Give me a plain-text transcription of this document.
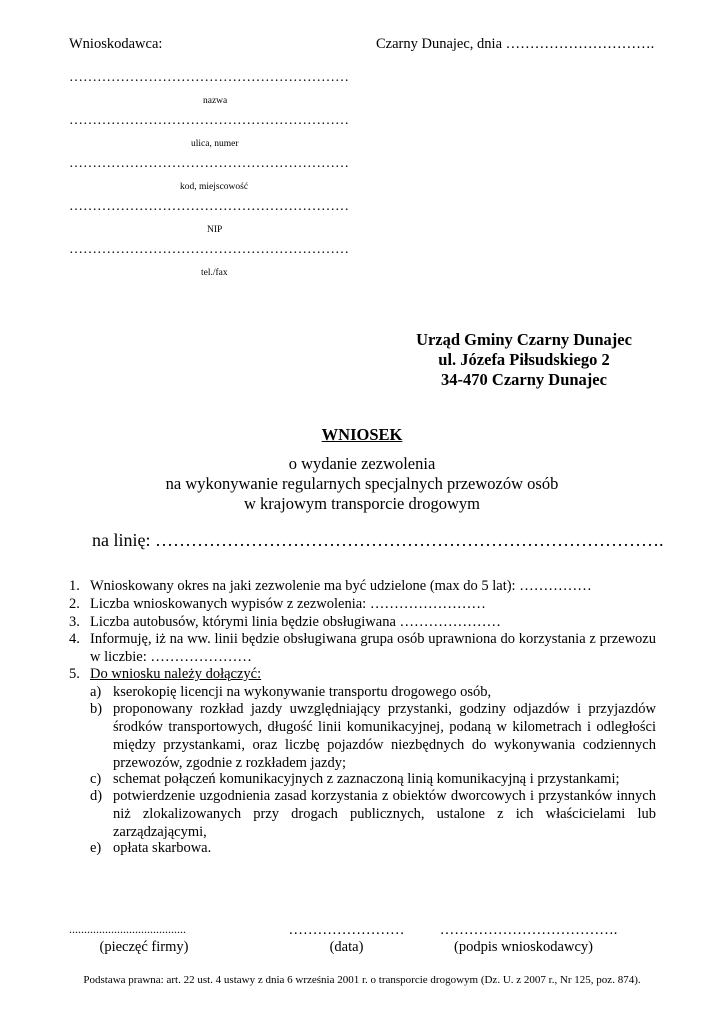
Wnioskodawca:	Czarny Dunajec, dnia ………………………….
……………………………………………………
nazwa
……………………………………………………
ulica, numer
……………………………………………………
kod, miejscowość
……………………………………………………
NIP
……………………………………………………
tel./fax
Urząd Gminy Czarny Dunajec
ul. Józefa Piłsudskiego 2
34-470 Czarny Dunajec
WNIOSEK
o wydanie zezwolenia
na wykonywanie regularnych specjalnych przewozów osób
w krajowym transporcie drogowym
na linię: ………………………………………………………………………….
1. Wnioskowany okres na jaki zezwolenie ma być udzielone (max do 5 lat): ……………
2. Liczba wnioskowanych wypisów z zezwolenia: ……………………
3. Liczba autobusów, którymi linia będzie obsługiwana …………………
4. Informuję, iż na ww. linii będzie obsługiwana grupa osób uprawniona do korzystania z przewozu w liczbie: …………………
5. Do wniosku należy dołączyć:
a) kserokopię licencji na wykonywanie transportu drogowego osób,
b) proponowany rozkład jazdy uwzględniający przystanki, godziny odjazdów i przyjazdów środków transportowych, długość linii komunikacyjnej, podaną w kilometrach i odległości między przystankami, oraz liczbę pojazdów niezbędnych do wykonywania codziennych przewozów, zgodnie z rozkładem jazdy;
c) schemat połączeń komunikacyjnych z zaznaczoną linią komunikacyjną i przystankami;
d) potwierdzenie uzgodnienia zasad korzystania z obiektów dworcowych i przystanków innych niż zlokalizowanych przy drogach publicznych, ustalone z ich właścicielami lub zarządzającymi,
e) opłata skarbowa.
.......................................
(pieczęć firmy)
……………………
(data)
……………………………….
(podpis wnioskodawcy)
Podstawa prawna: art. 22 ust. 4 ustawy z dnia 6 września 2001 r. o transporcie drogowym (Dz. U. z 2007 r., Nr 125, poz. 874).
